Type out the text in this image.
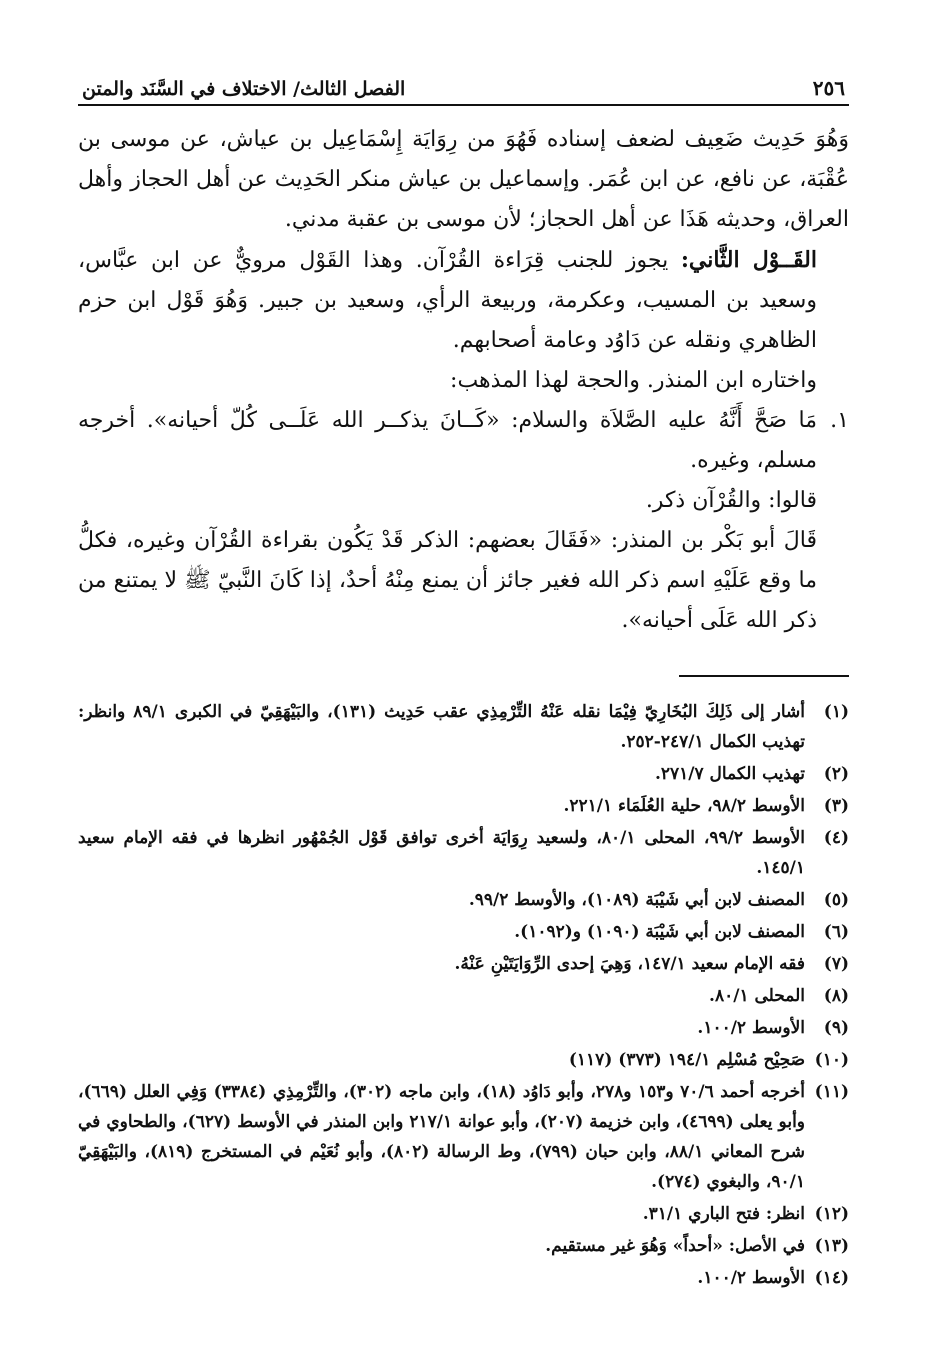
٢٥٦
الفصل الثالث/ الاختلاف في السَّنَد والمتن

وَهُوَ حَدِيث ضَعِيف لضعف إسناده فَهُوَ من رِوَايَة إِسْمَاعِيل بن عياش، عن موسى بن عُقْبَة، عن نافع، عن ابن عُمَر. وإسماعيل بن عياش منكر الحَدِيث عن أهل الحجاز وأهل العراق، وحديثه هَذَا عن أهل الحجاز؛ لأن موسى بن عقبة مدني.

القَــوْل الثَّاني: يجوز للجنب قِرَاءة القُرْآن. وهذا القَوْل مرويٌّ عن ابن عبَّاس، وسعيد بن المسيب، وعكرمة، وربيعة الرأي، وسعيد بن جبير. وَهُوَ قَوْل ابن حزم الظاهري ونقله عن دَاوُد وعامة أصحابهم.

واختاره ابن المنذر. والحجة لهذا المذهب:

١.
مَا صَحَّ أَنَّهُ عليه الصَّلاَة والسلام: «كَــانَ يذكــر الله عَلَــى كُلّ أحيانه». أخرجه مسلم، وغيره.

قالوا: والقُرْآن ذكر.

قَالَ أبو بَكْر بن المنذر: «فَقَالَ بعضهم: الذكر قَدْ يَكُون بقراءة القُرْآن وغيره، فكلُّ ما وقع عَلَيْهِ اسم ذكر الله فغير جائز أن يمنع مِنْهُ أحدٌ، إذا كَانَ النَّبيّ ﷺ لا يمتنع من ذكر الله عَلَى أحيانه».

(١)
أشار إلى ذَلِكَ البُخَارِيّ فِيْمَا نقله عَنْهُ التِّرْمِذِي عقب حَدِيث (١٣١)، والبَيْهَقِيّ في الكبرى ٨٩/١ وانظر: تهذيب الكمال ٢٤٧/١-٢٥٢.
(٢)
تهذيب الكمال ٢٧١/٧.
(٣)
الأوسط ٩٨/٢، حلية العُلَمَاء ٢٢١/١.
(٤)
الأوسط ٩٩/٢، المحلى ٨٠/١، ولسعيد رِوَايَة أخرى توافق قَوْل الجُمْهُور انظرها في فقه الإمام سعيد ١٤٥/١.
(٥)
المصنف لابن أبي شَيْبَة (١٠٨٩)، والأوسط ٩٩/٢.
(٦)
المصنف لابن أبي شَيْبَة (١٠٩٠) و(١٠٩٢).
(٧)
فقه الإمام سعيد ١٤٧/١، وَهِيَ إحدى الرِّوَايَتَيْنِ عَنْهُ.
(٨)
المحلى ٨٠/١.
(٩)
الأوسط ١٠٠/٢.
(١٠)
صَحِيْح مُسْلِم ١٩٤/١ (٣٧٣) (١١٧)
(١١)
أخرجه أحمد ٧٠/٦ و١٥٣ و٢٧٨، وأبو دَاوُد (١٨)، وابن ماجه (٣٠٢)، والتِّرْمِذِي (٣٣٨٤) وَفِي العلل (٦٦٩)، وأبو يعلى (٤٦٩٩)، وابن خزيمة (٢٠٧)، وأبو عوانة ٢١٧/١ وابن المنذر في الأوسط (٦٢٧)، والطحاوي في شرح المعاني ٨٨/١، وابن حبان (٧٩٩)، وط الرسالة (٨٠٢)، وأبو نُعَيْم في المستخرج (٨١٩)، والبَيْهَقِيّ ٩٠/١، والبغوي (٢٧٤).
(١٢)
انظر: فتح الباري ٣١/١.
(١٣)
في الأصل: «أحداً» وَهُوَ غير مستقيم.
(١٤)
الأوسط ١٠٠/٢.
